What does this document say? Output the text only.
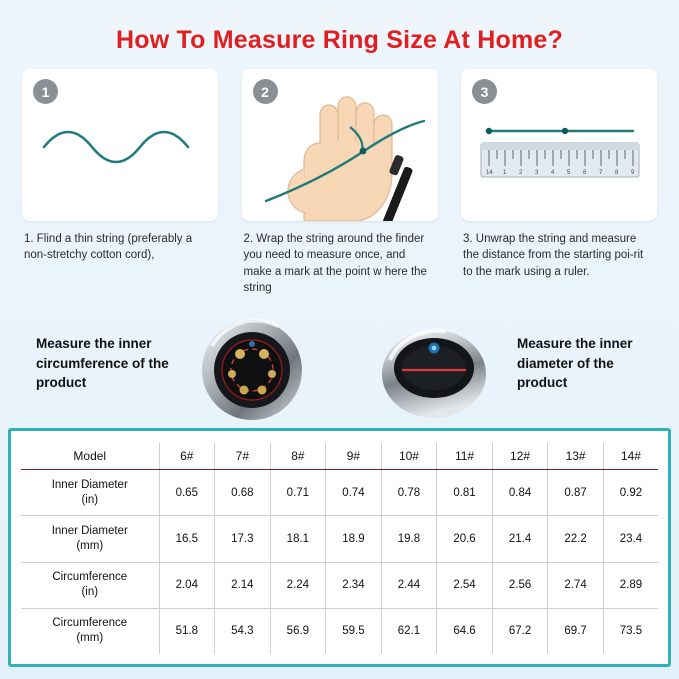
How To Measure Ring Size At Home?
1
1. Flind a thin string (preferably a non-stretchy cotton cord),
2
2. Wrap the string around the finder you need to measure once, and make a mark at the point w here the string
3
14 1 2 3 4 5 6 7 8 9
3. Unwrap the string and measure the distance from the starting poi-rit to the mark using a ruler.
Measure the inner circumference of the product
Measure the inner diameter of the product
Model	6#	7#	8#	9#	10#	11#	12#	13#	14#

Inner Diameter
(in)	0.65	0.68	0.71	0.74	0.78	0.81	0.84	0.87	0.92

Inner Diameter
(mm)	16.5	17.3	18.1	18.9	19.8	20.6	21.4	22.2	23.4

Circumference
(in)	2.04	2.14	2.24	2.34	2.44	2.54	2.56	2.74	2.89

Circumference
(mm)	51.8	54.3	56.9	59.5	62.1	64.6	67.2	69.7	73.5
